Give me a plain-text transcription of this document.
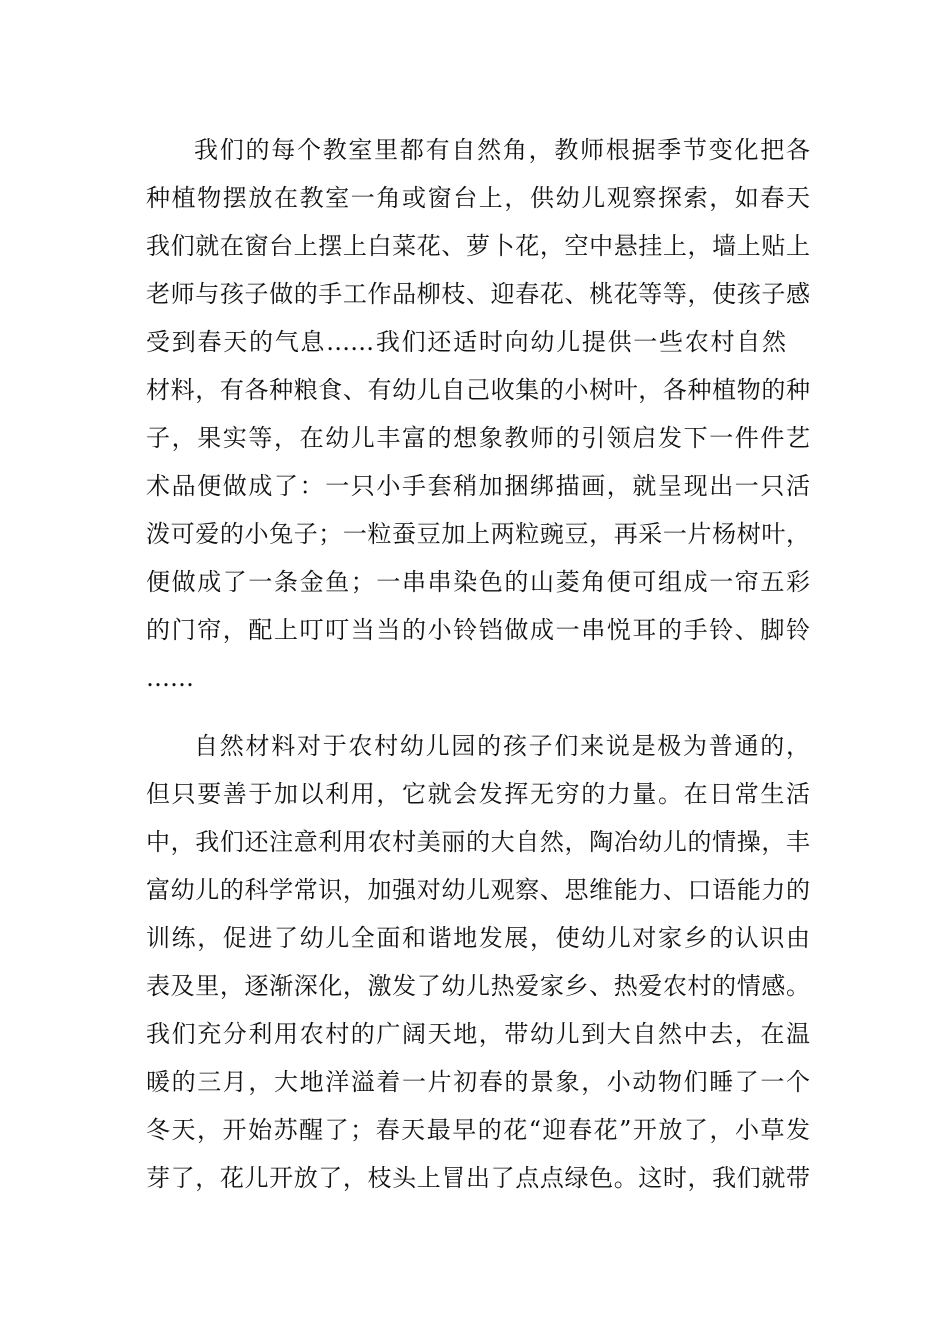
我们的每个教室里都有自然角，教师根据季节变化把各
种植物摆放在教室一角或窗台上，供幼儿观察探索，如春天
我们就在窗台上摆上白菜花、萝卜花，空中悬挂上，墙上贴上
老师与孩子做的手工作品柳枝、迎春花、桃花等等，使孩子感
受到春天的气息……我们还适时向幼儿提供一些农村自然
材料，有各种粮食、有幼儿自己收集的小树叶，各种植物的种
子，果实等，在幼儿丰富的想象教师的引领启发下一件件艺
术品便做成了：一只小手套稍加捆绑描画，就呈现出一只活
泼可爱的小兔子；一粒蚕豆加上两粒豌豆，再采一片杨树叶，
便做成了一条金鱼；一串串染色的山菱角便可组成一帘五彩
的门帘，配上叮叮当当的小铃铛做成一串悦耳的手铃、脚铃
……
自然材料对于农村幼儿园的孩子们来说是极为普通的，
但只要善于加以利用，它就会发挥无穷的力量。在日常生活
中，我们还注意利用农村美丽的大自然，陶冶幼儿的情操，丰
富幼儿的科学常识，加强对幼儿观察、思维能力、口语能力的
训练，促进了幼儿全面和谐地发展，使幼儿对家乡的认识由
表及里，逐渐深化，激发了幼儿热爱家乡、热爱农村的情感。
我们充分利用农村的广阔天地，带幼儿到大自然中去，在温
暖的三月，大地洋溢着一片初春的景象，小动物们睡了一个
冬天，开始苏醒了；春天最早的花“迎春花”开放了，小草发
芽了，花儿开放了，枝头上冒出了点点绿色。这时，我们就带
